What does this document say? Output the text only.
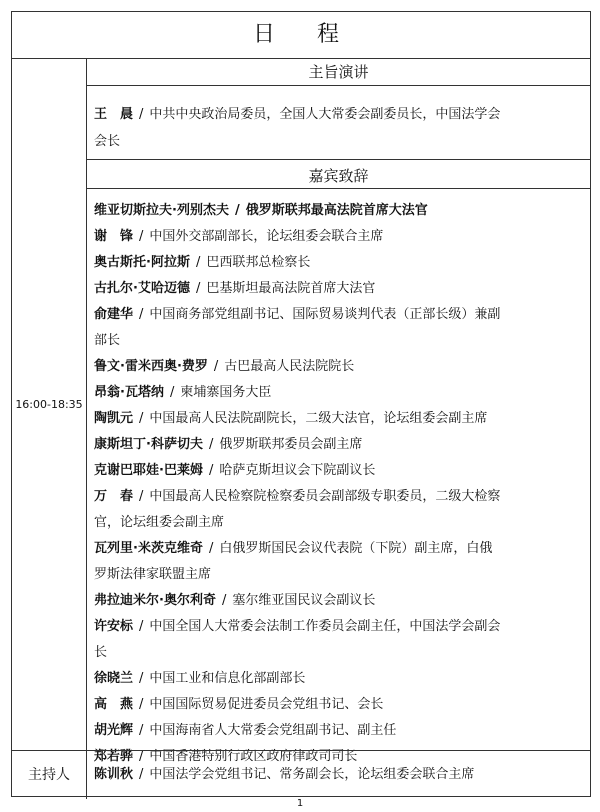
日　程
16:00-18:35
主旨演讲
王　晨 / 中共中央政治局委员，全国人大常委会副委员长，中国法学会
会长
嘉宾致辞
维亚切斯拉夫·列别杰夫 / 俄罗斯联邦最高法院首席大法官
谢　锋 / 中国外交部副部长，论坛组委会联合主席
奥古斯托·阿拉斯 / 巴西联邦总检察长
古扎尔·艾哈迈德 / 巴基斯坦最高法院首席大法官
俞建华 / 中国商务部党组副书记、国际贸易谈判代表（正部长级）兼副
部长
鲁文·雷米西奥·费罗 / 古巴最高人民法院院长
昂翁·瓦塔纳 / 柬埔寨国务大臣
陶凯元 / 中国最高人民法院副院长，二级大法官，论坛组委会副主席
康斯坦丁·科萨切夫 / 俄罗斯联邦委员会副主席
克谢巴耶娃·巴莱姆 / 哈萨克斯坦议会下院副议长
万　春 / 中国最高人民检察院检察委员会副部级专职委员，二级大检察
官，论坛组委会副主席
瓦列里·米茨克维奇 / 白俄罗斯国民会议代表院（下院）副主席，白俄
罗斯法律家联盟主席
弗拉迪米尔·奥尔利奇 / 塞尔维亚国民议会副议长
许安标 / 中国全国人大常委会法制工作委员会副主任，中国法学会副会
长
徐晓兰 / 中国工业和信息化部副部长
高　燕 / 中国国际贸易促进委员会党组书记、会长
胡光辉 / 中国海南省人大常委会党组副书记、副主任
郑若骅 / 中国香港特别行政区政府律政司司长
主持人	陈训秋 / 中国法学会党组书记、常务副会长，论坛组委会联合主席
1
